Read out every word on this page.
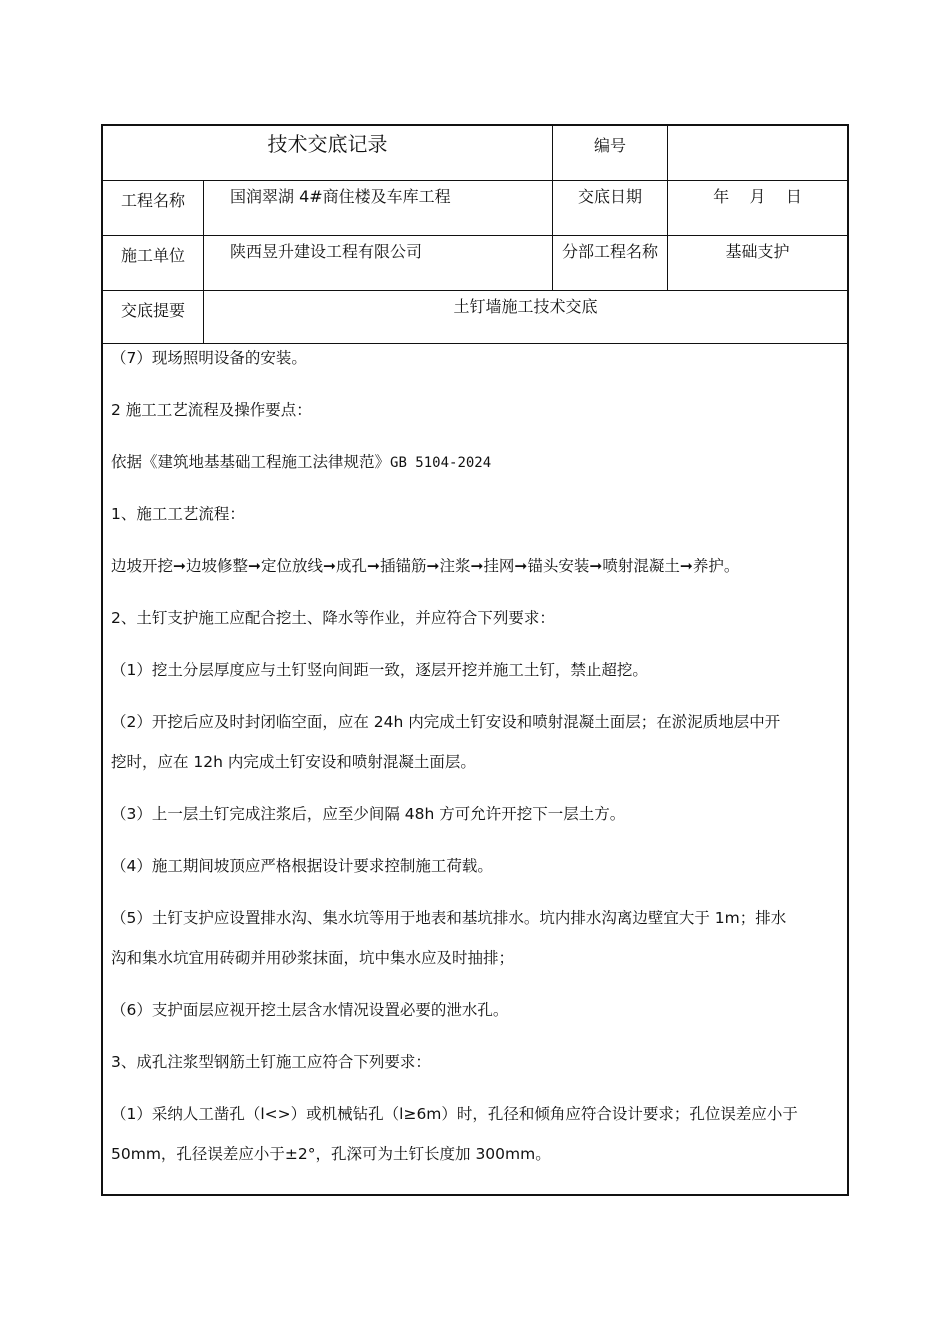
技术交底记录	编号
工程名称	国润翠湖 4#商住楼及车库工程	交底日期	年    月    日
施工单位	陕西昱升建设工程有限公司	分部工程名称	基础支护
交底提要	土钉墙施工技术交底
（7）现场照明设备的安装。
2 施工工艺流程及操作要点：
依据《建筑地基基础工程施工法律规范》GB 5104-2024
1、施工工艺流程：
边坡开挖➞边坡修整➞定位放线➞成孔➞插锚筋➞注浆➞挂网➞锚头安装➞喷射混凝土➞养护。
2、土钉支护施工应配合挖土、降水等作业，并应符合下列要求：
（1）挖土分层厚度应与土钉竖向间距一致，逐层开挖并施工土钉，禁止超挖。
（2）开挖后应及时封闭临空面，应在 24h 内完成土钉安设和喷射混凝土面层；在淤泥质地层中开
挖时，应在 12h 内完成土钉安设和喷射混凝土面层。
（3）上一层土钉完成注浆后，应至少间隔 48h 方可允许开挖下一层土方。
（4）施工期间坡顶应严格根据设计要求控制施工荷载。
（5）土钉支护应设置排水沟、集水坑等用于地表和基坑排水。坑内排水沟离边壁宜大于 1m；排水
沟和集水坑宜用砖砌并用砂浆抹面，坑中集水应及时抽排；
（6）支护面层应视开挖土层含水情况设置必要的泄水孔。
3、成孔注浆型钢筋土钉施工应符合下列要求：
（1）采纳人工凿孔（l<>）或机械钻孔（l≥6m）时，孔径和倾角应符合设计要求；孔位误差应小于
50mm，孔径误差应小于±2°，孔深可为土钉长度加 300mm。
